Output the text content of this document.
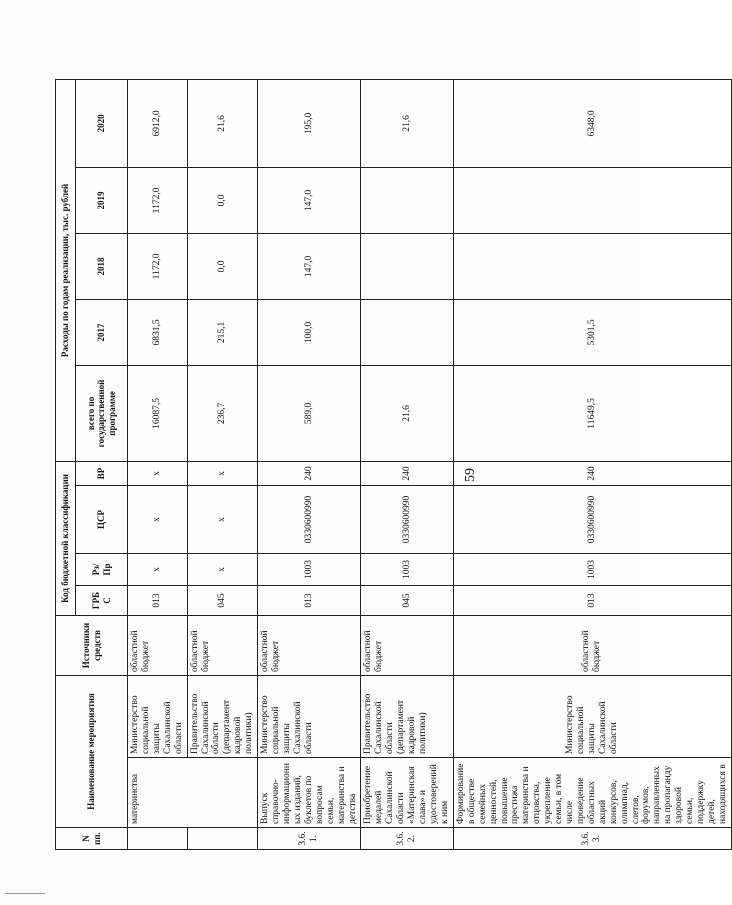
N пп.	Наименование мероприятия		Источники средств	Код бюджетной классификации				Расходы по годам реализации, тыс. рублей				
				ГРБС	Рз/ Пр	ЦСР	ВР	всего по государственной программе	2017	2018	2019	2020
	материнства	Министерство социальной защиты Сахалинской области	областной бюджет	013	х	х	х	16087,5	6831,5	1172,0	1172,0	6912,0
		Правительство Сахалинской области (департамент кадровой политики)	областной бюджет	045	х	х	х	236,7	215,1	0,0	0,0	21,6
3.6.1.	Выпуск справочно-информационных изданий, буклетов по вопросам семьи, материнства и детства	Министерство социальной защиты Сахалинской области	областной бюджет	013	1003	0330600990	240	589,0	100,0	147,0	147,0	195,0
3.6.2.	Приобретение медалей Сахалинской области «Материнская слава» и удостоверений к ним	Правительство Сахалинской области (департамент кадровой политики)	областной бюджет	045	1003	0330600990	240	21,6				21,6
3.6.3.	Формирование в обществе семейных ценностей, повышение престижа материнства и отцовства, укрепление семьи, в том числе проведение областных акций конкурсов, олимпиад, слетов, форумов, направленных на пропаганду здоровой семьи, поддержку детей, находящихся в	Министерство социальной защиты Сахалинской области	областной бюджет	013	1003	0330600990	240	11649,5	5301,5			6348,0
59
